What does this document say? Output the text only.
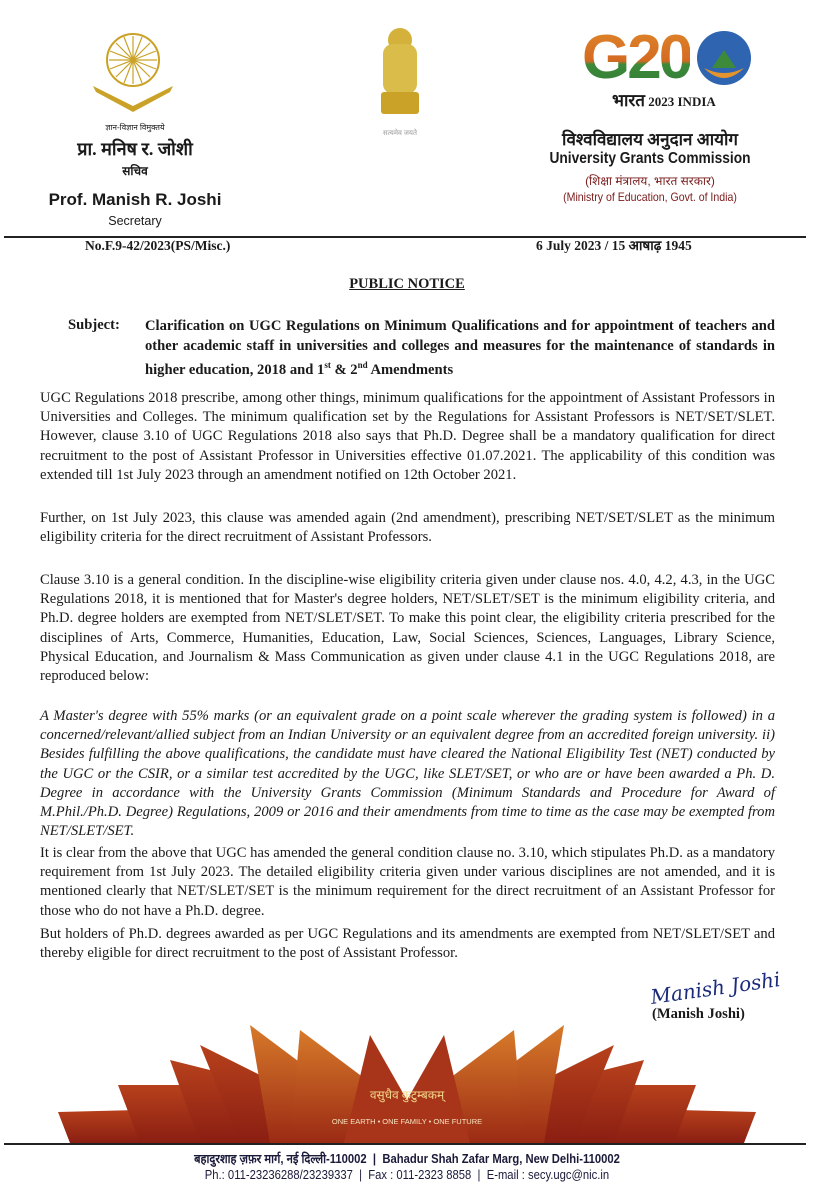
ज्ञान-विज्ञान विमुक्तये
प्रा. मनिष र. जोशी
सचिव
Prof. Manish R. Joshi
Secretary
सत्यमेव जयते
G20
भारत 2023 INDIA
विश्वविद्यालय अनुदान आयोग
University Grants Commission
(शिक्षा मंत्रालय, भारत सरकार)
(Ministry of Education, Govt. of India)
No.F.9-42/2023(PS/Misc.)	6 July 2023 / 15 आषाढ़ 1945
PUBLIC NOTICE
Subject: Clarification on UGC Regulations on Minimum Qualifications and for appointment of teachers and other academic staff in universities and colleges and measures for the maintenance of standards in higher education, 2018 and 1st & 2nd Amendments
UGC Regulations 2018 prescribe, among other things, minimum qualifications for the appointment of Assistant Professors in Universities and Colleges. The minimum qualification set by the Regulations for Assistant Professors is NET/SET/SLET. However, clause 3.10 of UGC Regulations 2018 also says that Ph.D. Degree shall be a mandatory qualification for direct recruitment to the post of Assistant Professor in Universities effective 01.07.2021. The applicability of this condition was extended till 1st July 2023 through an amendment notified on 12th October 2021.
Further, on 1st July 2023, this clause was amended again (2nd amendment), prescribing NET/SET/SLET as the minimum eligibility criteria for the direct recruitment of Assistant Professors.
Clause 3.10 is a general condition. In the discipline-wise eligibility criteria given under clause nos. 4.0, 4.2, 4.3, in the UGC Regulations 2018, it is mentioned that for Master's degree holders, NET/SLET/SET is the minimum eligibility criteria, and Ph.D. degree holders are exempted from NET/SLET/SET. To make this point clear, the eligibility criteria prescribed for the disciplines of Arts, Commerce, Humanities, Education, Law, Social Sciences, Sciences, Languages, Library Science, Physical Education, and Journalism & Mass Communication as given under clause 4.1 in the UGC Regulations 2018, are reproduced below:
A Master's degree with 55% marks (or an equivalent grade on a point scale wherever the grading system is followed) in a concerned/relevant/allied subject from an Indian University or an equivalent degree from an accredited foreign university. ii) Besides fulfilling the above qualifications, the candidate must have cleared the National Eligibility Test (NET) conducted by the UGC or the CSIR, or a similar test accredited by the UGC, like SLET/SET, or who are or have been awarded a Ph. D. Degree in accordance with the University Grants Commission (Minimum Standards and Procedure for Award of M.Phil./Ph.D. Degree) Regulations, 2009 or 2016 and their amendments from time to time as the case may be exempted from NET/SLET/SET.
It is clear from the above that UGC has amended the general condition clause no. 3.10, which stipulates Ph.D. as a mandatory requirement from 1st July 2023. The detailed eligibility criteria given under various disciplines are not amended, and it is mentioned clearly that NET/SLET/SET is the minimum requirement for the direct recruitment of an Assistant Professor for those who do not have a Ph.D. degree.
But holders of Ph.D. degrees awarded as per UGC Regulations and its amendments are exempted from NET/SLET/SET and thereby eligible for direct recruitment to the post of Assistant Professor.
Manish Joshi
(Manish Joshi)
वसुधैव कुटुम्बकम्
ONE EARTH • ONE FAMILY • ONE FUTURE
बहादुरशाह ज़फ़र मार्ग, नई दिल्ली-110002  |  Bahadur Shah Zafar Marg, New Delhi-110002
Ph.: 011-23236288/23239337  |  Fax : 011-2323 8858  |  E-mail : secy.ugc@nic.in
